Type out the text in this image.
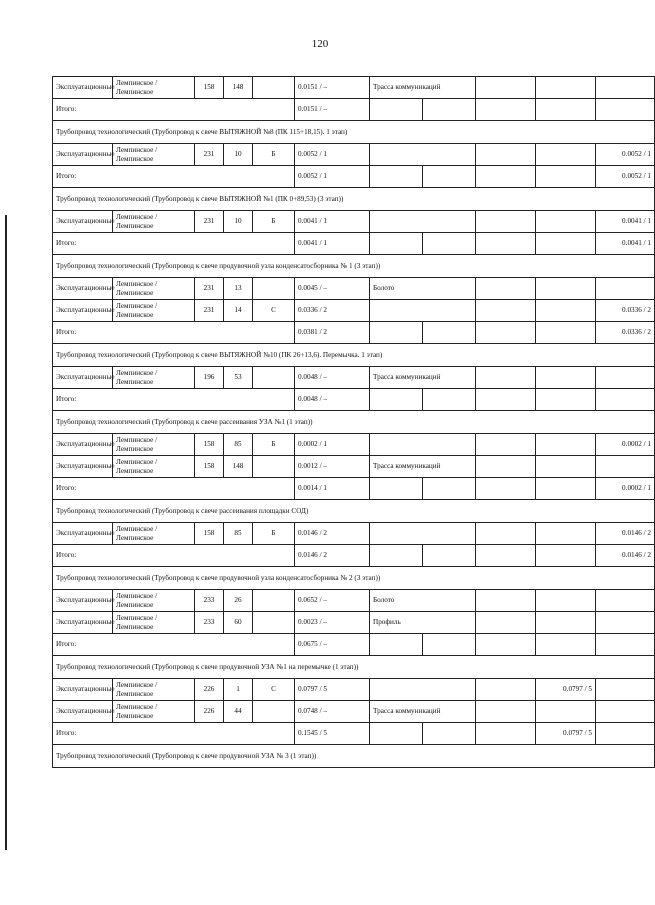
120
Эксплуатационные	Лемпинское / Лемпинское	158	148		0.0151 / –	Трасса коммуникаций				
Итого:					0.0151 / –					
Трубопровод технологический (Трубопровод к свече ВЫТЯЖНОЙ №8 (ПК 115+18,15). 1 этап)										
Эксплуатационные	Лемпинское / Лемпинское	231	10	Б	0.0052 / 1					0.0052 / 1
Итого:					0.0052 / 1					0.0052 / 1
Трубопровод технологический (Трубопровод к свече ВЫТЯЖНОЙ №1 (ПК 0+89,53) (3 этап))										
Эксплуатационные	Лемпинское / Лемпинское	231	10	Б	0.0041 / 1					0.0041 / 1
Итого:					0.0041 / 1					0.0041 / 1
Трубопровод технологический (Трубопровод к свече продувочной узла конденсатосборника № 1 (3 этап))										
Эксплуатационные	Лемпинское / Лемпинское	231	13		0.0045 / –	Болото				
Эксплуатационные	Лемпинское / Лемпинское	231	14	С	0.0336 / 2					0.0336 / 2
Итого:					0.0381 / 2					0.0336 / 2
Трубопровод технологический (Трубопровод к свече ВЫТЯЖНОЙ №10 (ПК 26+13,6). Перемычка. 1 этап)										
Эксплуатационные	Лемпинское / Лемпинское	196	53		0.0048 / –	Трасса коммуникаций				
Итого:					0.0048 / –					
Трубопровод технологический (Трубопровод к свече рассеивания УЗА №1 (1 этап))										
Эксплуатационные	Лемпинское / Лемпинское	158	85	Б	0.0002 / 1					0.0002 / 1
Эксплуатационные	Лемпинское / Лемпинское	158	148		0.0012 / –	Трасса коммуникаций				
Итого:					0.0014 / 1					0.0002 / 1
Трубопровод технологический (Трубопровод к свече рассеивания площадки СОД)										
Эксплуатационные	Лемпинское / Лемпинское	158	85	Б	0.0146 / 2					0.0146 / 2
Итого:					0.0146 / 2					0.0146 / 2
Трубопровод технологический (Трубопровод к свече продувочной узла конденсатосборника № 2 (3 этап))										
Эксплуатационные	Лемпинское / Лемпинское	233	26		0.0652 / –	Болото				
Эксплуатационные	Лемпинское / Лемпинское	233	60		0.0023 / –	Профиль				
Итого:					0.0675 / –					
Трубопровод технологический (Трубопровод к свече продувочной УЗА №1 на перемычке (1 этап))										
Эксплуатационные	Лемпинское / Лемпинское	226	1	С	0.0797 / 5				0.0797 / 5	
Эксплуатационные	Лемпинское / Лемпинское	226	44		0.0748 / –	Трасса коммуникаций				
Итого:					0.1545 / 5				0.0797 / 5	
Трубопровод технологический (Трубопровод к свече продувочной УЗА № 3 (1 этап))										
